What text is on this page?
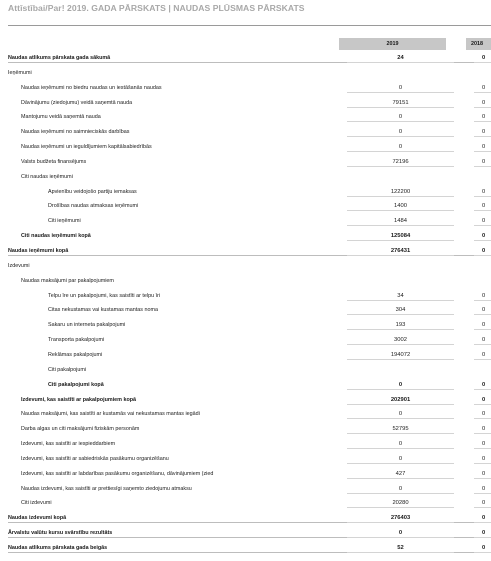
Attīstībai/Par! 2019. GADA PĀRSKATS | NAUDAS PLŪSMAS PĀRSKATS
2019	2018
Naudas atlikums pārskata gada sākumā	24	0
Ieņēmumi
Naudas ieņēmumi no biedru naudas un iestāšanās naudas	0	0
Dāvinājumu (ziedojumu) veidā saņemtā nauda	79151	0
Mantojumu veidā saņemtā nauda	0	0
Naudas ieņēmumi no saimnieciskās darbības	0	0
Naudas ieņēmumi un ieguldījumiem kapitālsabiedrībās	0	0
Valsts budžeta finansējums	72196	0
Citi naudas ieņēmumi
Apvienību veidojošo partiju iemaksas	122200	0
Drošības naudas atmaksas ieņēmumi	1400	0
Citi ieņēmumi	1484	0
Citi naudas ieņēmumi kopā	125084	0
Naudas ieņēmumi kopā	276431	0
Izdevumi
Naudas maksājumi par pakalpojumiem
Telpu īre un pakalpojumi, kas saistīti ar telpu īri	34	0
Citas nekustamas vai kustamas mantas noma	304	0
Sakaru un interneta pakalpojumi	193	0
Transporta pakalpojumi	3002	0
Reklāmas pakalpojumi	194072	0
Citi pakalpojumi
Citi pakalpojumi kopā	0	0
Izdevumi, kas saistīti ar pakalpojumiem kopā	202901	0
Naudas maksājumi, kas saistīti ar kustamās vai nekustamas mantas iegādi	0	0
Darba algas un citi maksājumi fiziskām personām	52795	0
Izdevumi, kas saistīti ar iespieddarbiem	0	0
Izdevumi, kas saistīti ar sabiedriskās pasākumu organizēšanu	0	0
Izdevumi, kas saistīti ar labdarības pasākumu organizēšanu, dāvinājumiem (zied	427	0
Naudas izdevumi, kas saistīti ar prettiesīgi saņemto ziedojumu atmaksu	0	0
Citi izdevumi	20280	0
Naudas izdevumi kopā	276403	0
Ārvalstu valūtu kursu svārstību rezultāts	0	0
Naudas atlikums pārskata gada beigās	52	0
